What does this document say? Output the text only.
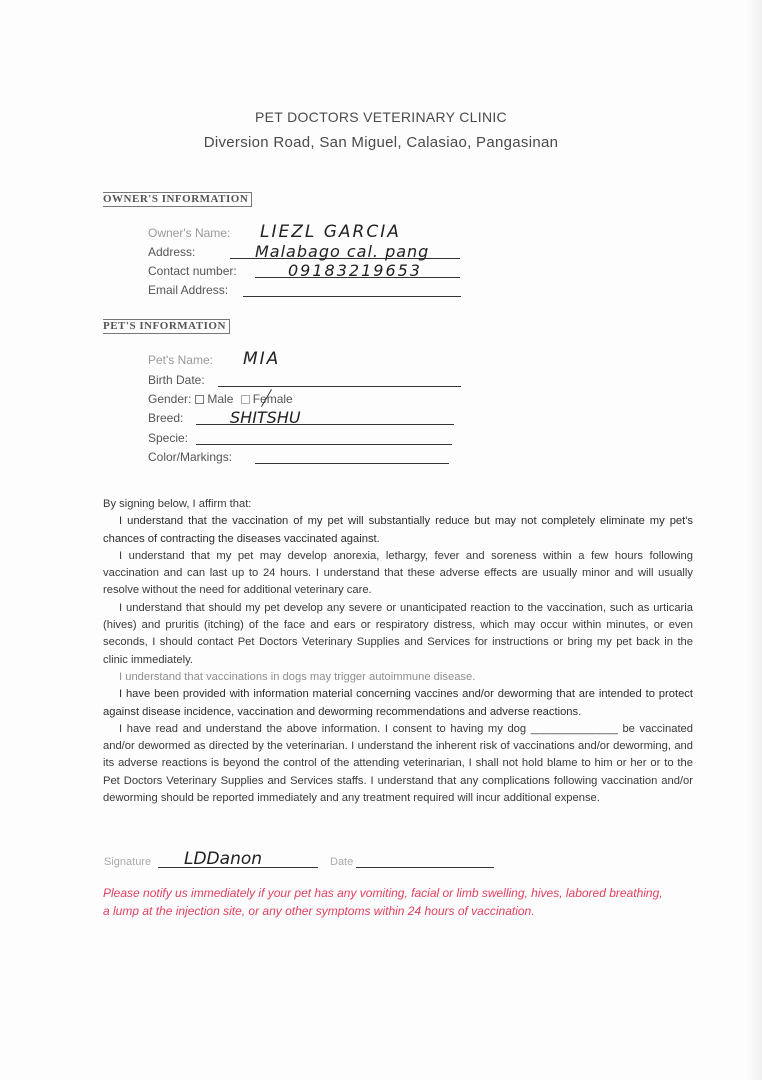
PET DOCTORS VETERINARY CLINIC
Diversion Road, San Miguel, Calasiao, Pangasinan
OWNER'S INFORMATION
Owner's Name: LIEZL GARCIA
Address:	Malabago cal. pang
Contact number:	09183219653
Email Address:
PET'S INFORMATION
Pet's Name: MIA
Birth Date:
Gender: Male Female
Breed:	SHITSHU
Specie:
Color/Markings:

By signing below, I affirm that:

I understand that the vaccination of my pet will substantially reduce but may not completely eliminate my pet's chances of contracting the diseases vaccinated against.

I understand that my pet may develop anorexia, lethargy, fever and soreness within a few hours following vaccination and can last up to 24 hours. I understand that these adverse effects are usually minor and will usually resolve without the need for additional veterinary care.

I understand that should my pet develop any severe or unanticipated reaction to the vaccination, such as urticaria (hives) and pruritis (itching) of the face and ears or respiratory distress, which may occur within minutes, or even seconds, I should contact Pet Doctors Veterinary Supplies and Services for instructions or bring my pet back in the clinic immediately.

I understand that vaccinations in dogs may trigger autoimmune disease.

I have been provided with information material concerning vaccines and/or deworming that are intended to protect against disease incidence, vaccination and deworming recommendations and adverse reactions.

I have read and understand the above information. I consent to having my dog ______________ be vaccinated and/or dewormed as directed by the veterinarian. I understand the inherent risk of vaccinations and/or deworming, and its adverse reactions is beyond the control of the attending veterinarian, I shall not hold blame to him or her or to the Pet Doctors Veterinary Supplies and Services staffs. I understand that any complications following vaccination and/or deworming should be reported immediately and any treatment required will incur additional expense.

Signature LDDanon	Date
Please notify us immediately if your pet has any vomiting, facial or limb swelling, hives, labored breathing, a lump at the injection site, or any other symptoms within 24 hours of vaccination.
